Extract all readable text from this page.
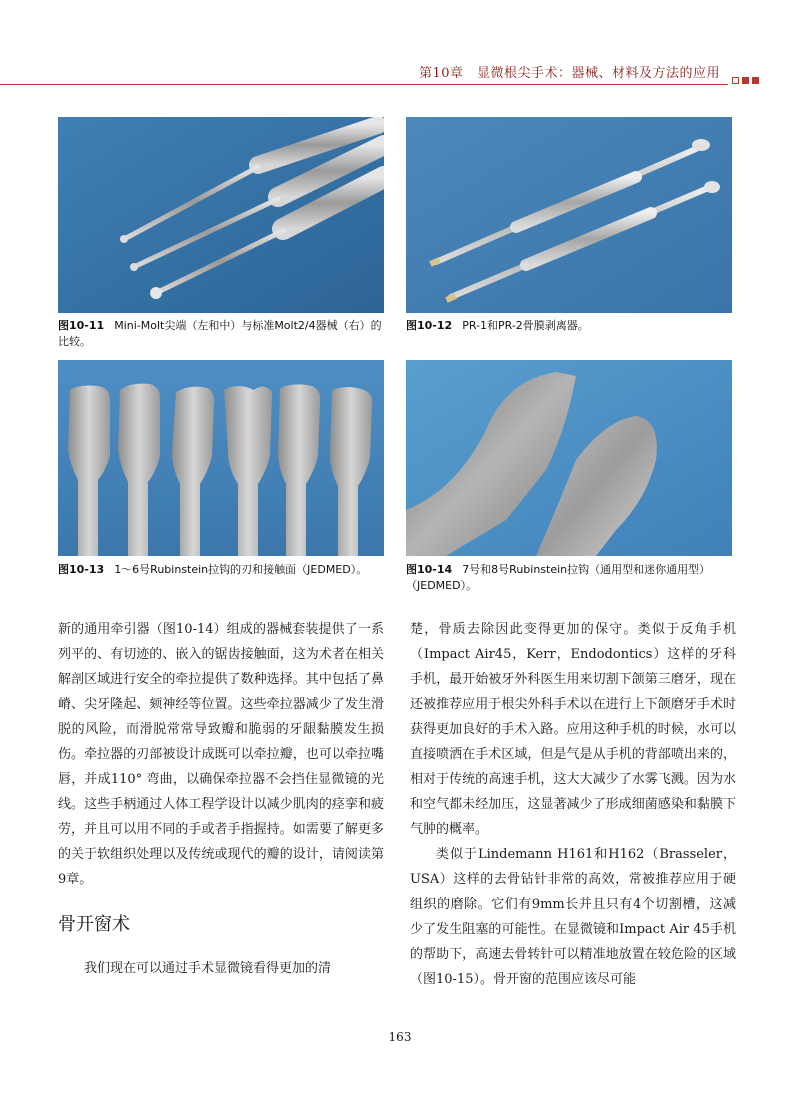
第10章　显微根尖手术：器械、材料及方法的应用
图10-11 Mini-Molt尖端（左和中）与标准Molt2/4器械（右）的比较。
图10-12 PR-1和PR-2骨膜剥离器。
图10-13 1～6号Rubinstein拉钩的刃和接触面（JEDMED）。	图10-14 7号和8号Rubinstein拉钩（通用型和迷你通用型）（JEDMED）。

新的通用牵引器（图10-14）组成的器械套装提供了一系列平的、有切迹的、嵌入的锯齿接触面，这为术者在相关解剖区域进行安全的牵拉提供了数种选择。其中包括了鼻嵴、尖牙隆起、颏神经等位置。这些牵拉器减少了发生滑脱的风险，而滑脱常常导致瓣和脆弱的牙龈黏膜发生损伤。牵拉器的刃部被设计成既可以牵拉瓣，也可以牵拉嘴唇，并成110° 弯曲，以确保牵拉器不会挡住显微镜的光线。这些手柄通过人体工程学设计以减少肌肉的痉挛和疲劳，并且可以用不同的手或者手指握持。如需要了解更多的关于软组织处理以及传统或现代的瓣的设计，请阅读第9章。

骨开窗术

我们现在可以通过手术显微镜看得更加的清

楚，骨质去除因此变得更加的保守。类似于反角手机（Impact Air45，Kerr，Endodontics）这样的牙科手机，最开始被牙外科医生用来切割下颌第三磨牙，现在还被推荐应用于根尖外科手术以在进行上下颌磨牙手术时获得更加良好的手术入路。应用这种手机的时候，水可以直接喷洒在手术区域，但是气是从手机的背部喷出来的，相对于传统的高速手机，这大大减少了水雾飞溅。因为水和空气都未经加压，这显著减少了形成细菌感染和黏膜下气肿的概率。

类似于Lindemann H161和H162（Brasseler，USA）这样的去骨钻针非常的高效，常被推荐应用于硬组织的磨除。它们有9mm长并且只有4个切割槽，这减少了发生阻塞的可能性。在显微镜和Impact Air 45手机的帮助下，高速去骨转针可以精准地放置在较危险的区域（图10-15）。骨开窗的范围应该尽可能

163
